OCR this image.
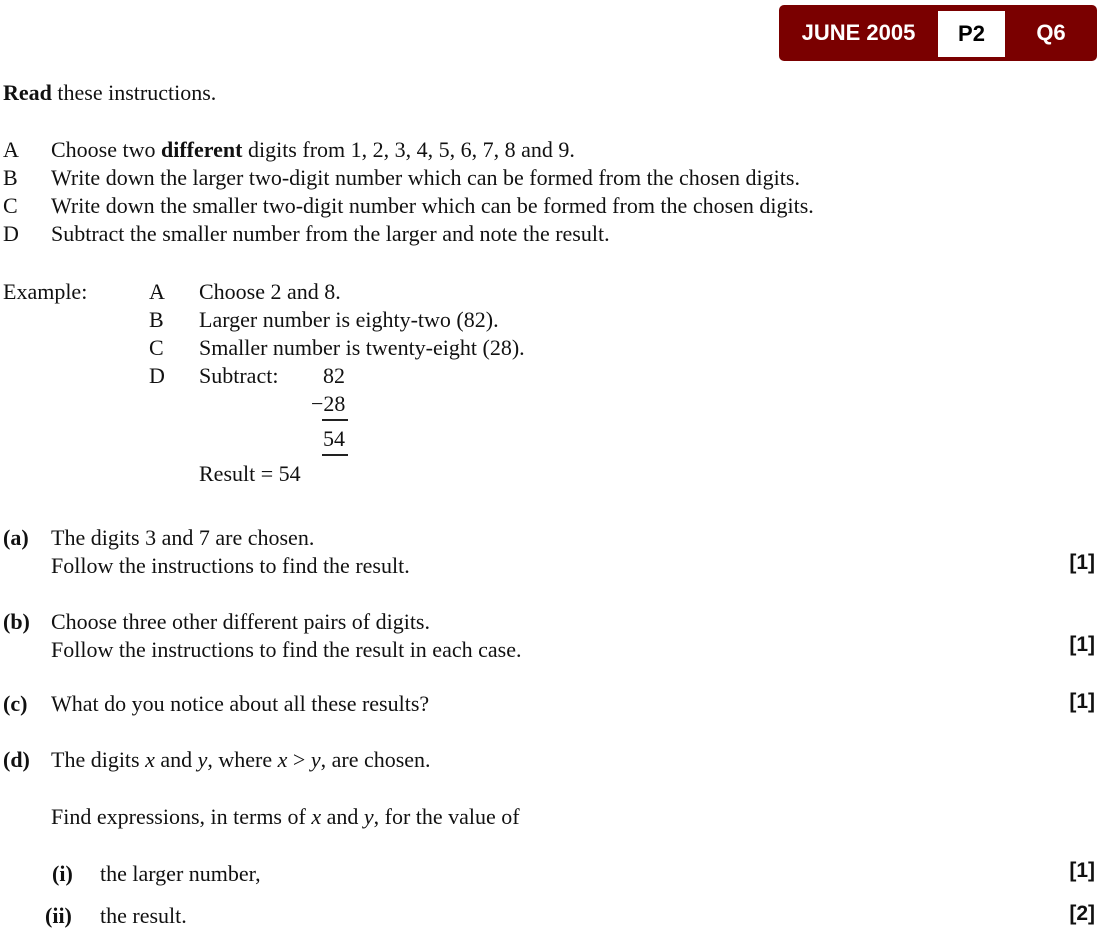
JUNE 2005	P2	Q6
Read these instructions.
A Choose two different digits from 1, 2, 3, 4, 5, 6, 7, 8 and 9.
B Write down the larger two-digit number which can be formed from the chosen digits.
C Write down the smaller two-digit number which can be formed from the chosen digits.
D Subtract the smaller number from the larger and note the result.
Example:	A Choose 2 and 8.
B Larger number is eighty-two (82).
C Smaller number is twenty-eight (28).
D Subtract: 82
−28
54
Result = 54
(a) The digits 3 and 7 are chosen.
Follow the instructions to find the result.	[1]
(b) Choose three other different pairs of digits.
Follow the instructions to find the result in each case.	[1]
(c) What do you notice about all these results?	[1]
(d) The digits x and y, where x > y, are chosen.
Find expressions, in terms of x and y, for the value of
(i) the larger number,	[1]
(ii) the result.	[2]
